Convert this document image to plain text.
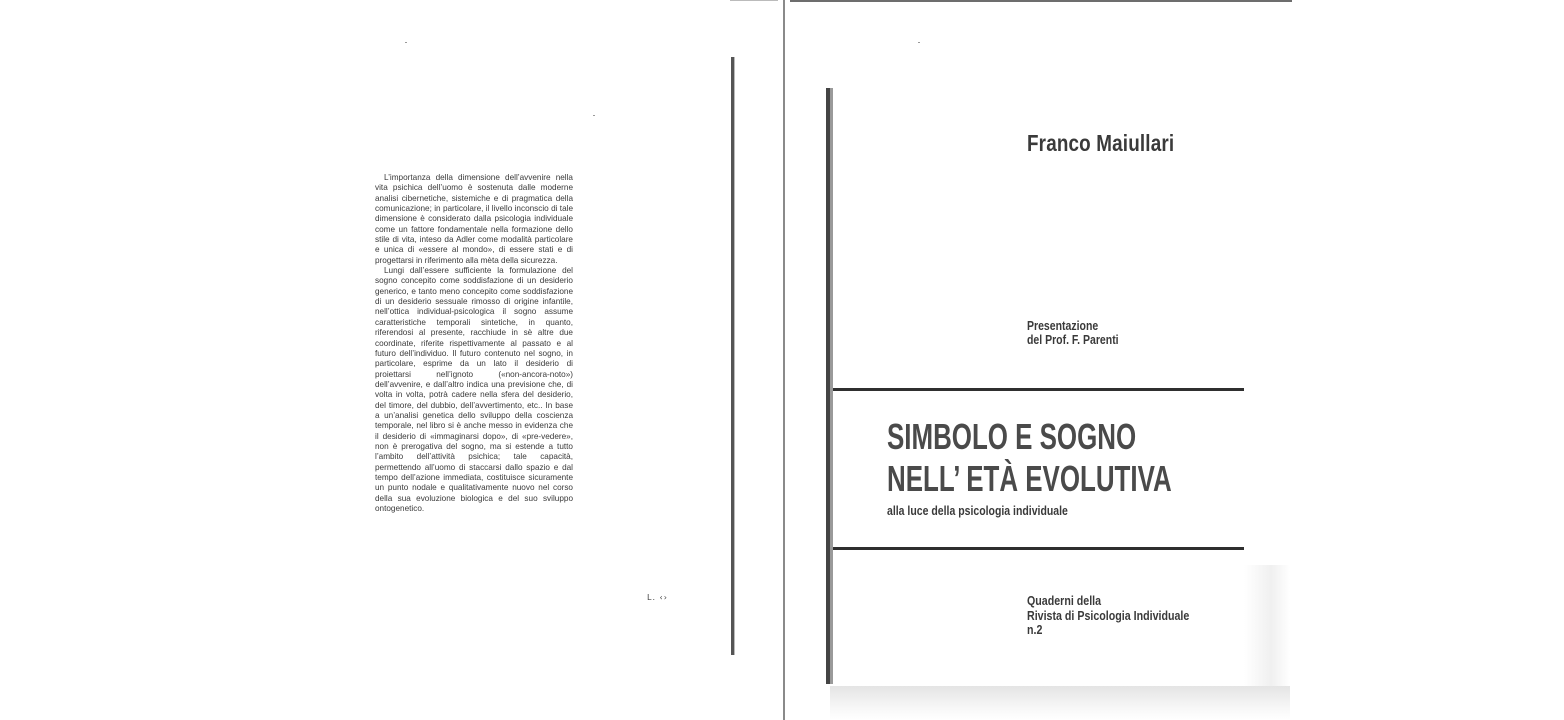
L’importanza della dimensione dell’avvenire nella vita psichica dell’uomo è sostenuta dalle moderne analisi cibernetiche, sistemiche e di pragmatica della comunicazione; in particolare, il livello inconscio di tale dimensione è considerato dalla psicologia individuale come un fattore fondamentale nella formazione dello stile di vita, inteso da Adler come modalità particolare e unica di «essere al mondo», di essere stati e di progettarsi in riferimento alla mèta della sicurezza.

Lungi dall’essere sufficiente la formulazione del sogno concepito come soddisfazione di un desiderio generico, e tanto meno concepito come soddisfazione di un desiderio sessuale rimosso di origine infantile, nell’ottica individual-psicologica il sogno assume caratteristiche temporali sintetiche, in quanto, riferendosi al presente, racchiude in sè altre due coordinate, riferite rispettivamente al passato e al futuro dell’individuo. Il futuro contenuto nel sogno, in particolare, esprime da un lato il desiderio di proiettarsi nell’ignoto («non-ancora-noto») dell’avvenire, e dall’altro indica una previsione che, di volta in volta, potrà cadere nella sfera del desiderio, del timore, del dubbio, dell’avvertimento, etc.. In base a un’analisi genetica dello sviluppo della coscienza temporale, nel libro si è anche messo in evidenza che il desiderio di «immaginarsi dopo», di «pre-vedere», non è prerogativa del sogno, ma si estende a tutto l’ambito dell’attività psichica; tale capacità, permettendo all’uomo di staccarsi dallo spazio e dal tempo dell’azione immediata, costituisce sicuramente un punto nodale e qualitativamente nuovo nel corso della sua evoluzione biologica e del suo sviluppo ontogenetico.

L. ‹›
Franco Maiullari
Presentazione
del Prof. F. Parenti
SIMBOLO E SOGNO
NELL’ ETÀ EVOLUTIVA
alla luce della psicologia individuale
Quaderni della
Rivista di Psicologia Individuale
n.2
